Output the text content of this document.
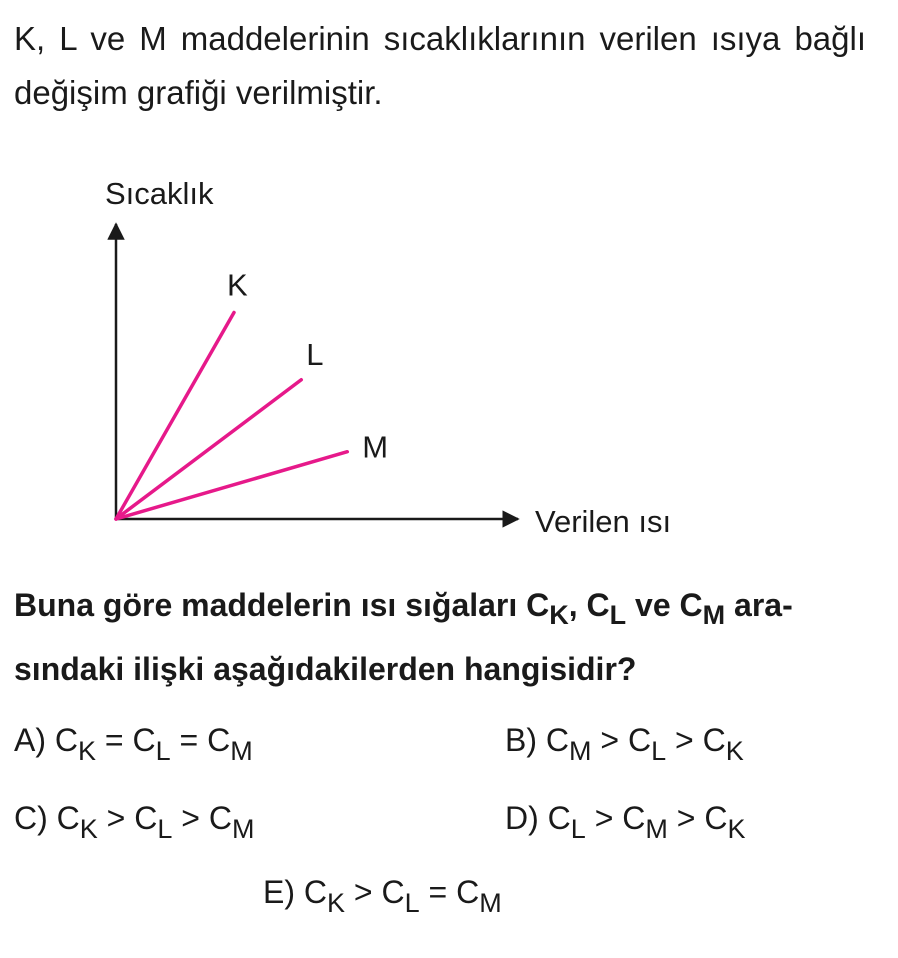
K, L ve M maddelerinin sıcaklıklarının verilen ısıya bağlı değişim grafiği verilmiştir.
Sıcaklık
Verilen ısı
K
L
M
Buna göre maddelerin ısı sığaları $C_K$, $C_L$ ve $C_M$ ara-
sındaki ilişki aşağıdakilerden hangisidir?
A) $C_K = C_L = C_M$	B) $C_M > C_L > C_K$
C) $C_K > C_L > C_M$	D) $C_L > C_M > C_K$
E) $C_K > C_L = C_M$
